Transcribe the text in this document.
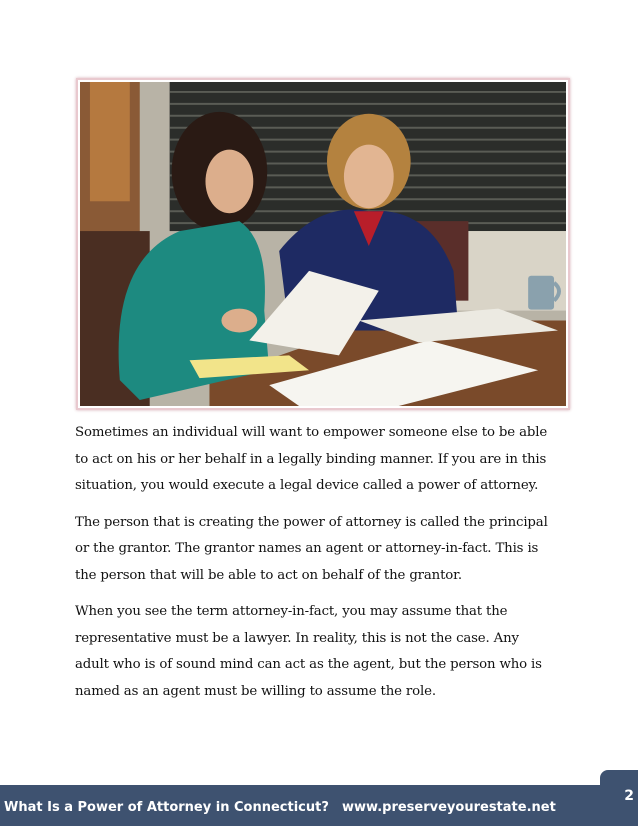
Sometimes an individual will want to empower someone else to be able to act on his or her behalf in a legally binding manner. If you are in this situation, you would execute a legal device called a power of attorney.

The person that is creating the power of attorney is called the principal or the grantor. The grantor names an agent or attorney-in-fact. This is the person that will be able to act on behalf of the grantor.

When you see the term attorney-in-fact, you may assume that the representative must be a lawyer. In reality, this is not the case. Any adult who is of sound mind can act as the agent, but the person who is named as an agent must be willing to assume the role.

What Is a Power of Attorney in Connecticut? www.preserveyourestate.net
2
